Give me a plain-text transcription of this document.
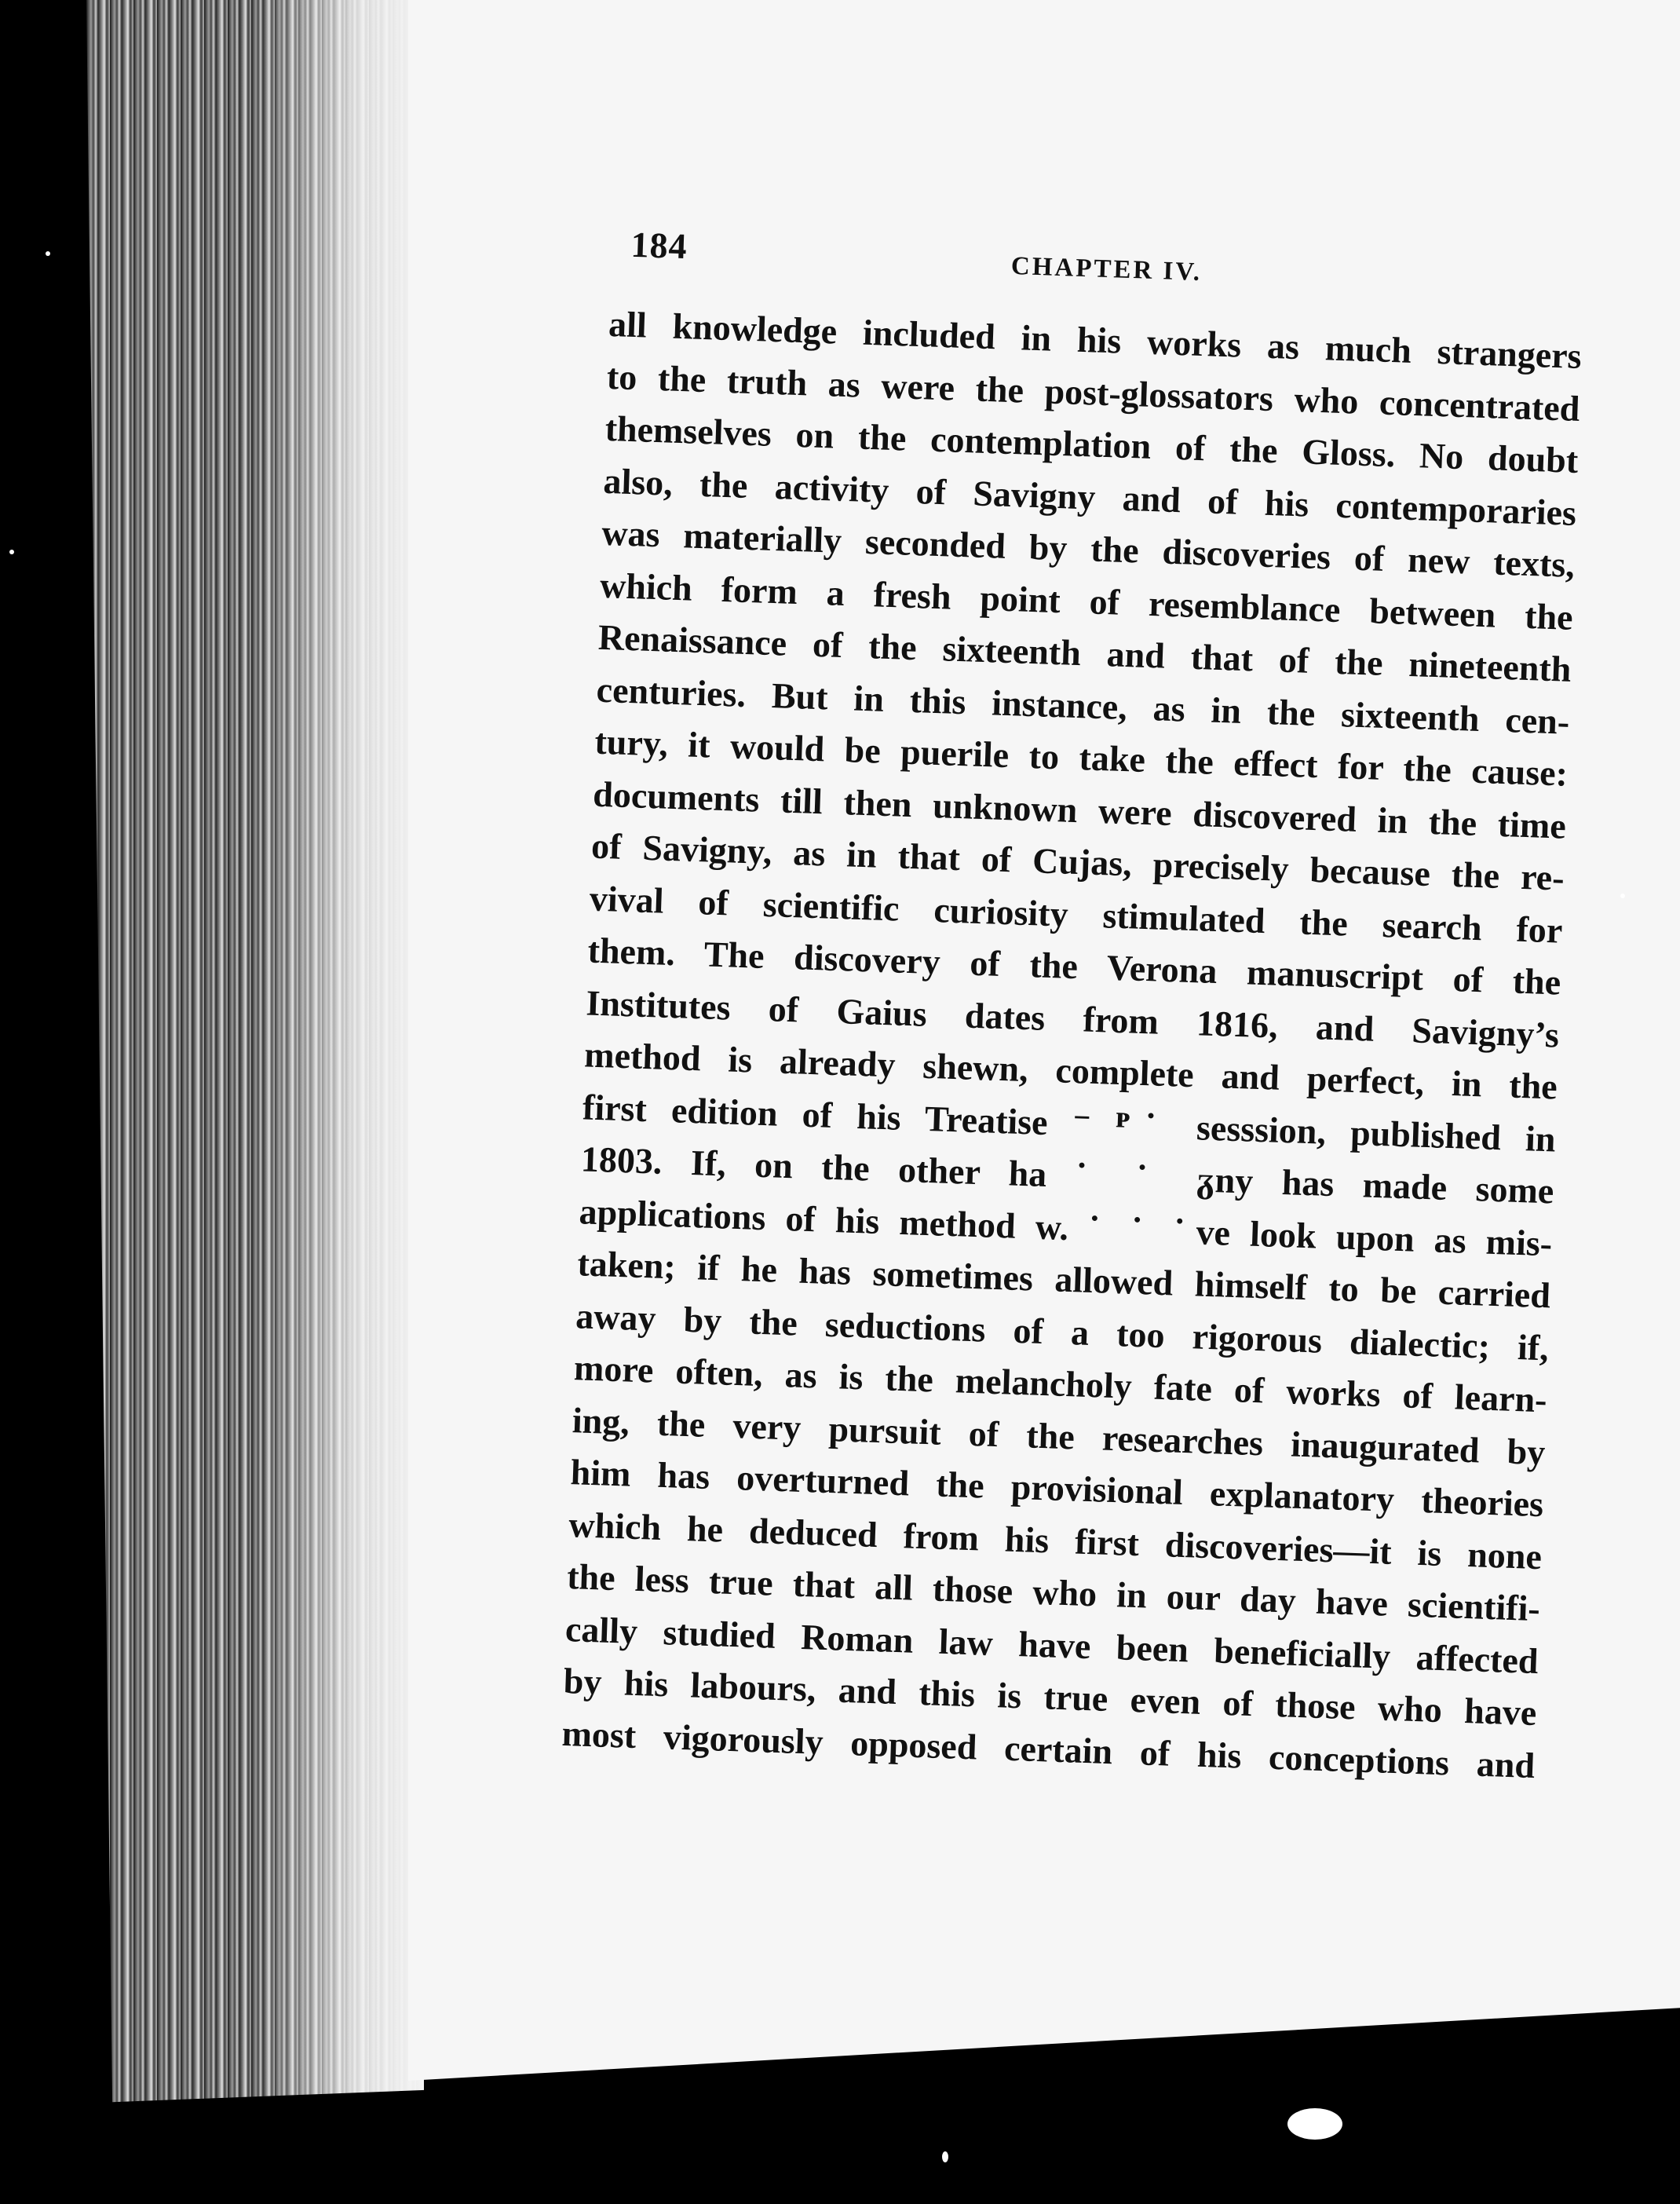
184
CHAPTER IV.
all knowledge included in his works as much strangers
to the truth as were the post-glossators who concentrated
themselves on the contemplation of the Gloss. No doubt
also, the activity of Savigny and of his contemporaries
was materially seconded by the discoveries of new texts,
which form a fresh point of resemblance between the
Renaissance of the sixteenth and that of the nineteenth
centuries. But in this instance, as in the sixteenth cen-
tury, it would be puerile to take the effect for the cause:
documents till then unknown were discovered in the time
of Savigny, as in that of Cujas, precisely because the re-
vival of scientific curiosity stimulated the search for
them. The discovery of the Verona manuscript of the
Institutes of Gaius dates from 1816, and Savigny’s
method is already shewn, complete and perfect, in the
first edition of his Treatise ⁻ ᴾ˙ sesssion, published in
1803. If, on the other ha ˙ ˙ ᵹny has made some
applications of his method w. ˙ ˙ ˙ve look upon as mis-
taken; if he has sometimes allowed himself to be carried
away by the seductions of a too rigorous dialectic; if,
more often, as is the melancholy fate of works of learn-
ing, the very pursuit of the researches inaugurated by
him has overturned the provisional explanatory theories
which he deduced from his first discoveries—it is none
the less true that all those who in our day have scientifi-
cally studied Roman law have been beneficially affected
by his labours, and this is true even of those who have
most vigorously opposed certain of his conceptions and
